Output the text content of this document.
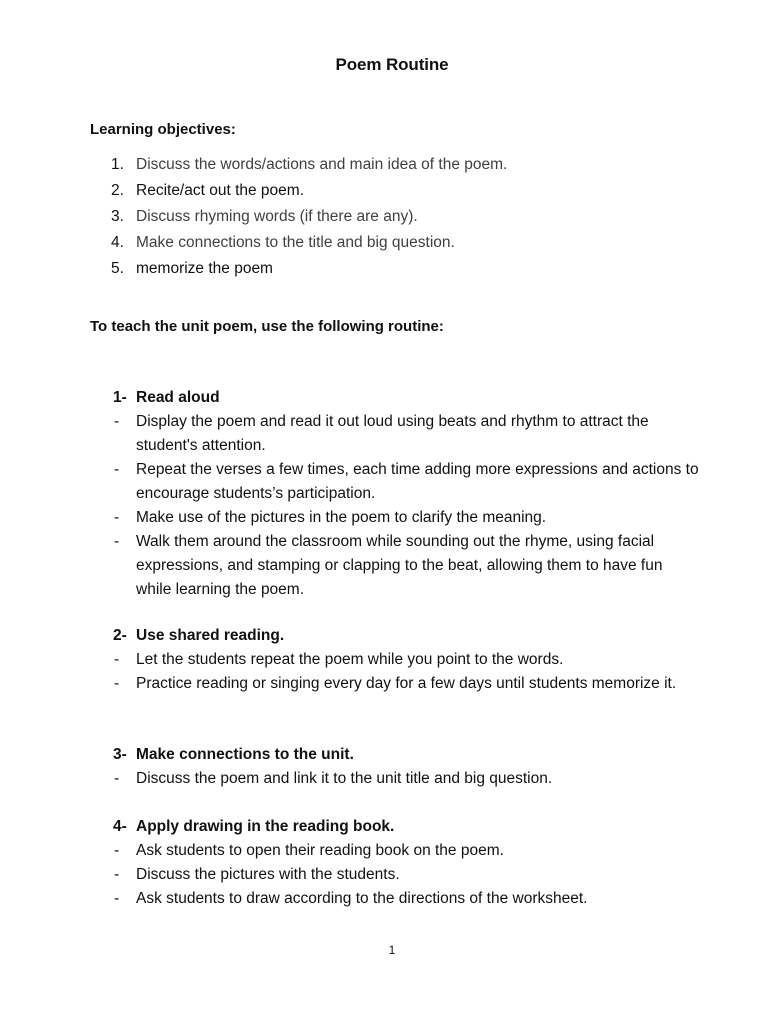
Poem Routine
Learning objectives:
1. Discuss the words/actions and main idea of the poem.
2. Recite/act out the poem.
3. Discuss rhyming words (if there are any).
4. Make connections to the title and big question.
5. memorize the poem
To teach the unit poem, use the following routine:
1- Read aloud
- Display the poem and read it out loud using beats and rhythm to attract the student's attention.
- Repeat the verses a few times, each time adding more expressions and actions to encourage students’s participation.
- Make use of the pictures in the poem to clarify the meaning.
- Walk them around the classroom while sounding out the rhyme, using facial expressions, and stamping or clapping to the beat, allowing them to have fun while learning the poem.
2- Use shared reading.
- Let the students repeat the poem while you point to the words.
- Practice reading or singing every day for a few days until students memorize it.
3- Make connections to the unit.
- Discuss the poem and link it to the unit title and big question.
4- Apply drawing in the reading book.
- Ask students to open their reading book on the poem.
- Discuss the pictures with the students.
- Ask students to draw according to the directions of the worksheet.
1
